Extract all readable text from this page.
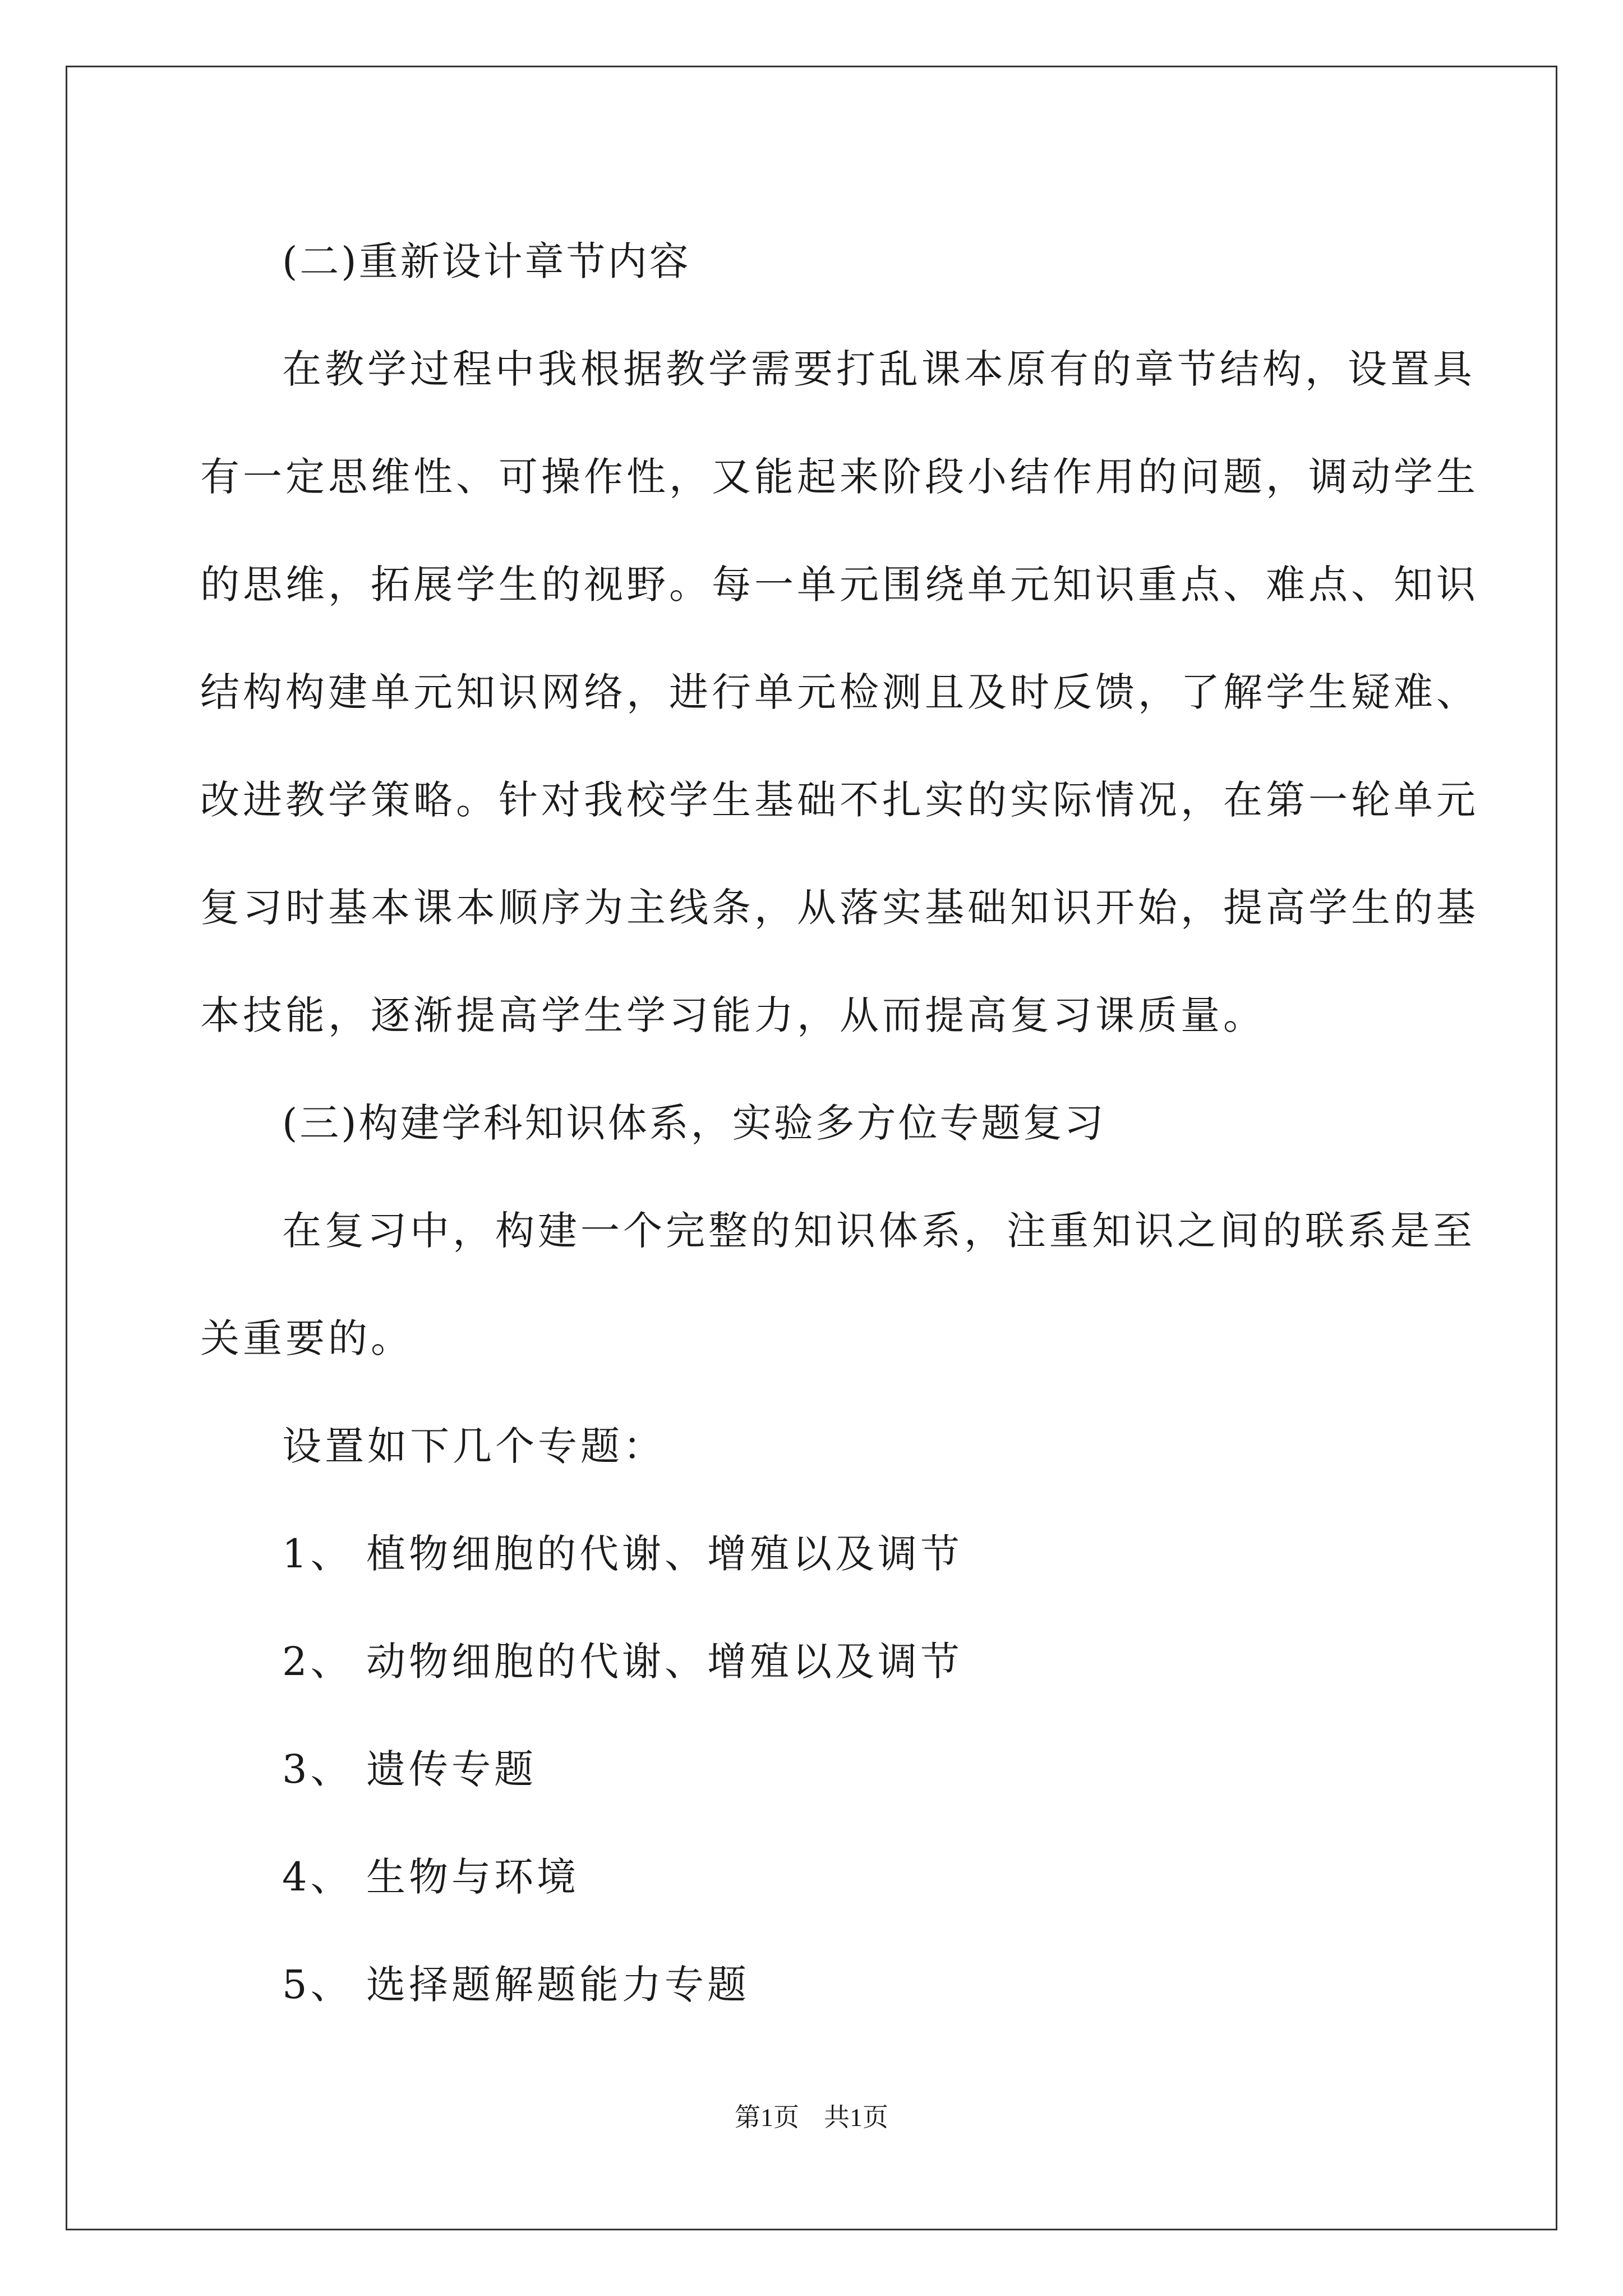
(二)重新设计章节内容

在教学过程中我根据教学需要打乱课本原有的章节结构，设置具

有一定思维性、可操作性，又能起来阶段小结作用的问题，调动学生

的思维，拓展学生的视野。每一单元围绕单元知识重点、难点、知识

结构构建单元知识网络，进行单元检测且及时反馈，了解学生疑难、

改进教学策略。针对我校学生基础不扎实的实际情况，在第一轮单元

复习时基本课本顺序为主线条，从落实基础知识开始，提高学生的基

本技能，逐渐提高学生学习能力，从而提高复习课质量。

(三)构建学科知识体系，实验多方位专题复习

在复习中，构建一个完整的知识体系，注重知识之间的联系是至

关重要的。

设置如下几个专题：

1、 植物细胞的代谢、增殖以及调节

2、 动物细胞的代谢、增殖以及调节

3、 遗传专题

4、 生物与环境

5、 选择题解题能力专题

第1页 共1页
